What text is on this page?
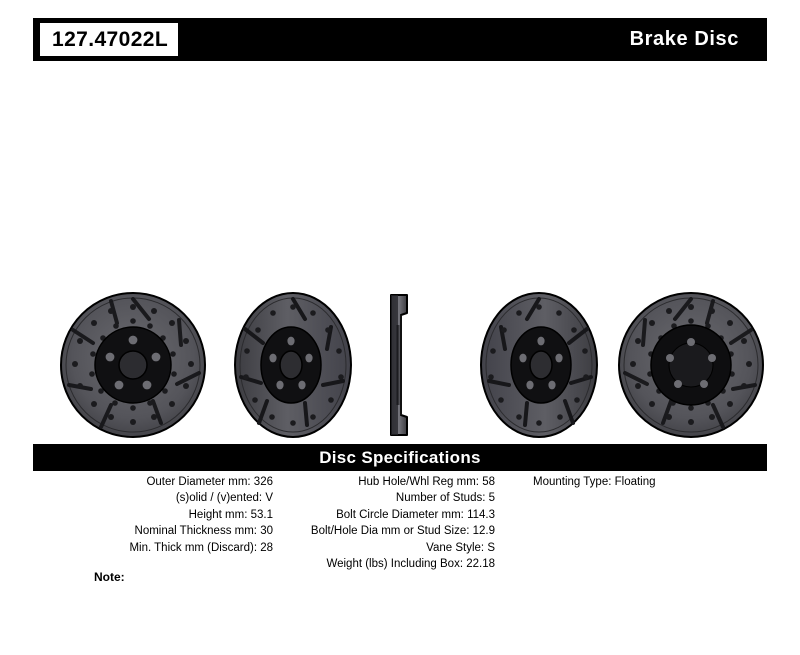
127.47022L	Brake Disc
Disc Specifications
Outer Diameter mm: 326
(s)olid / (v)ented: V
Height mm: 53.1
Nominal Thickness mm: 30
Min. Thick mm (Discard): 28
Hub Hole/Whl Reg mm: 58
Number of Studs: 5
Bolt Circle Diameter mm: 114.3
Bolt/Hole Dia mm or Stud Size: 12.9
Vane Style: S
Weight (lbs) Including Box: 22.18
Mounting Type: Floating
Note:
